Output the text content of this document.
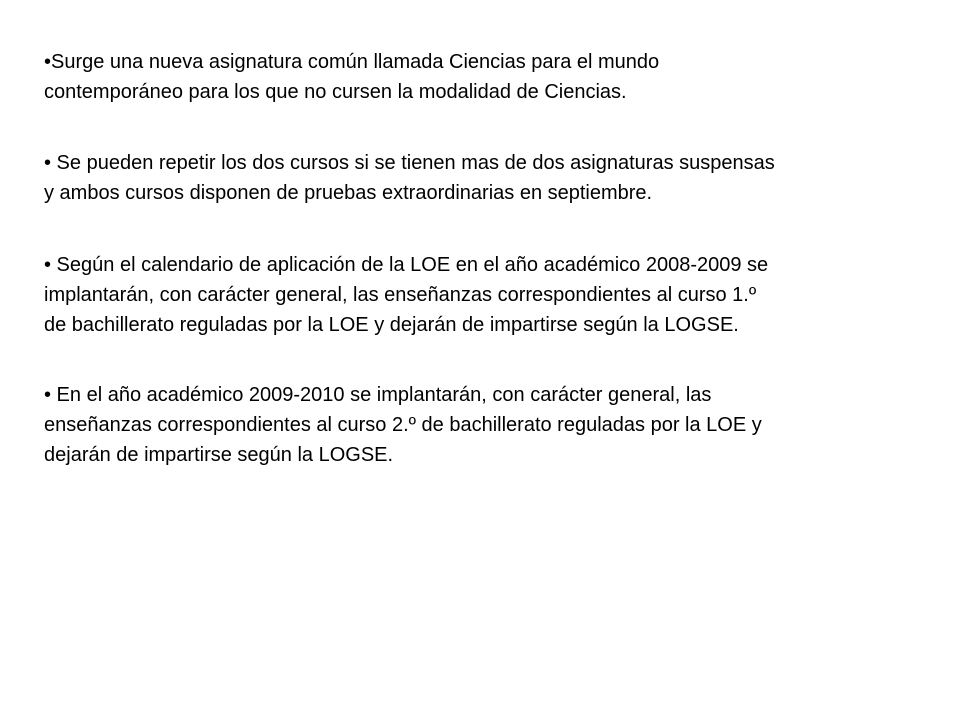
•Surge una nueva asignatura común llamada Ciencias para el mundo
contemporáneo para los que no cursen la modalidad de Ciencias.

• Se pueden repetir los dos cursos si se tienen mas de dos asignaturas suspensas
y ambos cursos disponen de pruebas extraordinarias en septiembre.

• Según el calendario de aplicación de la LOE en el año académico 2008-2009 se
implantarán, con carácter general, las enseñanzas correspondientes al curso 1.º
de bachillerato reguladas por la LOE y dejarán de impartirse según la LOGSE.

• En el año académico 2009-2010 se implantarán, con carácter general, las
enseñanzas correspondientes al curso 2.º de bachillerato reguladas por la LOE y
dejarán de impartirse según la LOGSE.
